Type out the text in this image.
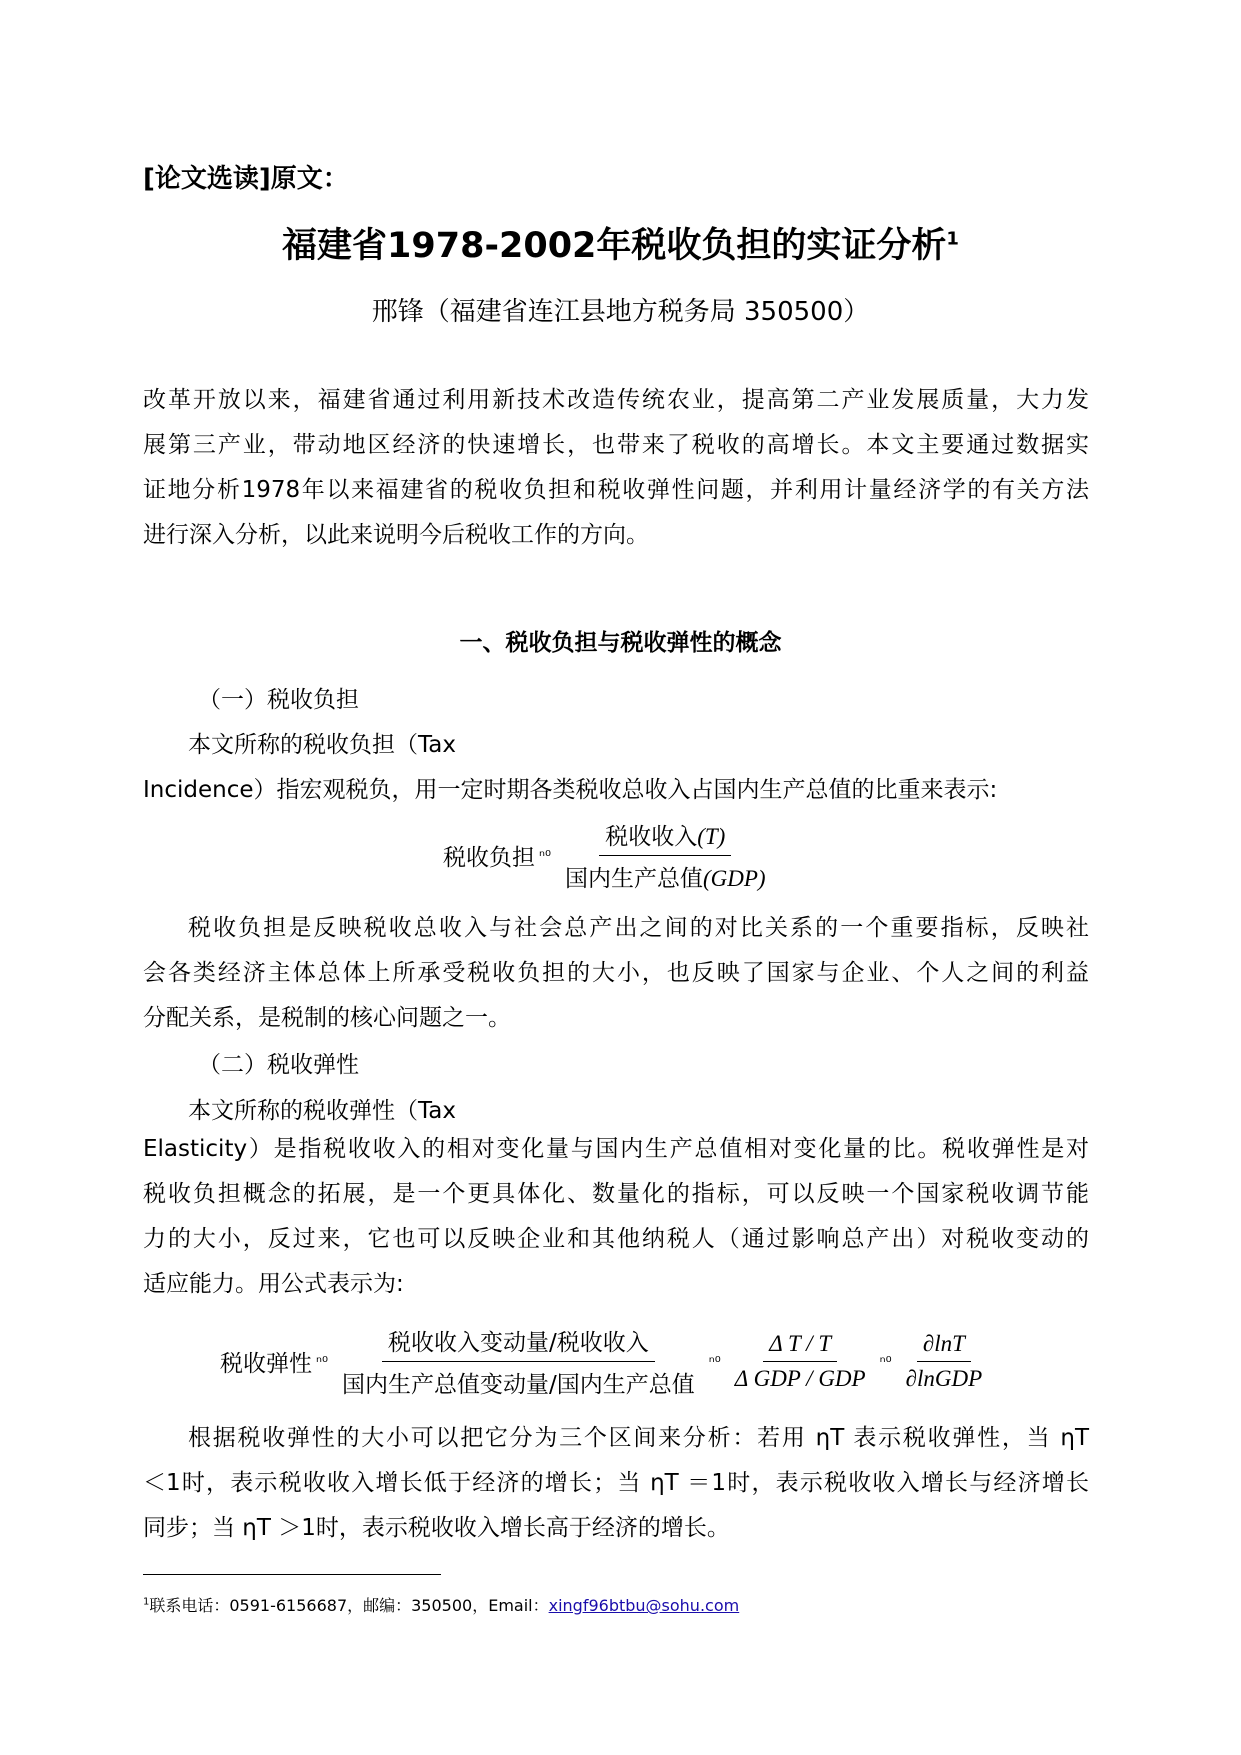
[论文选读]原文：
福建省1978-2002年税收负担的实证分析$^1$
邢锋（福建省连江县地方税务局 350500）
改革开放以来，福建省通过利用新技术改造传统农业，提高第二产业发展质量，大力发
展第三产业，带动地区经济的快速增长，也带来了税收的高增长。本文主要通过数据实
证地分析1978年以来福建省的税收负担和税收弹性问题，并利用计量经济学的有关方法
进行深入分析，以此来说明今后税收工作的方向。
一、税收负担与税收弹性的概念
（一）税收负担
本文所称的税收负担（Tax
Incidence）指宏观税负，用一定时期各类税收总收入占国内生产总值的比重来表示:
税收负担 $^{n0} \frac{\text{税收收入(T)}}{\text{国内生产总值(GDP)}}$
税收负担是反映税收总收入与社会总产出之间的对比关系的一个重要指标，反映社
会各类经济主体总体上所承受税收负担的大小，也反映了国家与企业、个人之间的利益
分配关系，是税制的核心问题之一。
（二）税收弹性
本文所称的税收弹性（Tax
Elasticity）是指税收收入的相对变化量与国内生产总值相对变化量的比。税收弹性是对
税收负担概念的拓展，是一个更具体化、数量化的指标，可以反映一个国家税收调节能
力的大小，反过来，它也可以反映企业和其他纳税人（通过影响总产出）对税收变动的
适应能力。用公式表示为:
税收弹性 $^{n0} \frac{\text{税收收入变动量/税收收入}}{\text{国内生产总值变动量/国内生产总值}} ^{n0} \frac{\text{Δ T / T}}{\text{Δ GDP / GDP}} ^{n0} \frac{\partial\ln T}{\text{∂lnGDP}}$
根据税收弹性的大小可以把它分为三个区间来分析：若用 ηT 表示税收弹性，当 ηT
＜1时，表示税收收入增长低于经济的增长；当 ηT ＝1时，表示税收收入增长与经济增长
同步；当 ηT ＞1时，表示税收收入增长高于经济的增长。
$^1$联系电话：0591-6156687，邮编：350500，Email：xingf96btbu@sohu.com
